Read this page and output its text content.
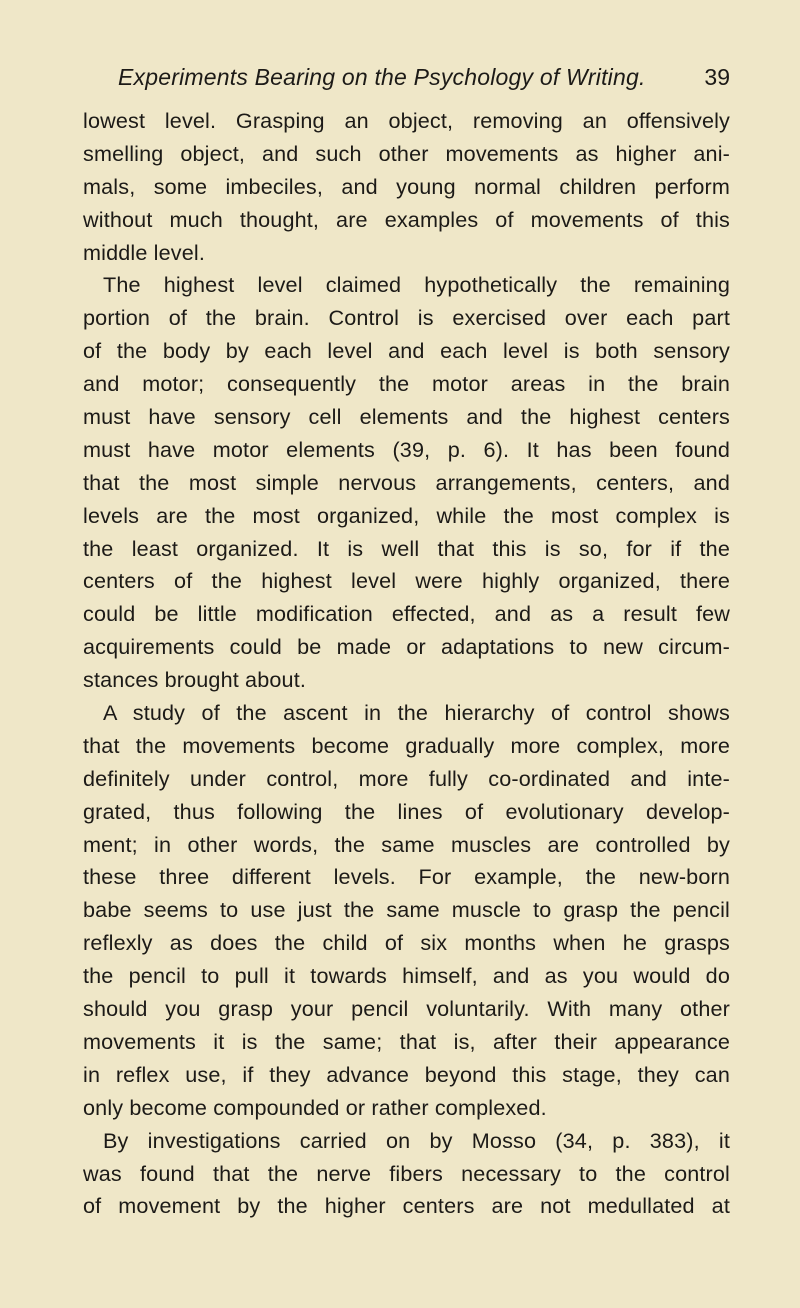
Experiments Bearing on the Psychology of Writing.	39
lowest level. Grasping an object, removing an offensively
smelling object, and such other movements as higher ani-
mals, some imbeciles, and young normal children perform
without much thought, are examples of movements of this
middle level.
The highest level claimed hypothetically the remaining
portion of the brain. Control is exercised over each part
of the body by each level and each level is both sensory
and motor; consequently the motor areas in the brain
must have sensory cell elements and the highest centers
must have motor elements (39, p. 6). It has been found
that the most simple nervous arrangements, centers, and
levels are the most organized, while the most complex is
the least organized. It is well that this is so, for if the
centers of the highest level were highly organized, there
could be little modification effected, and as a result few
acquirements could be made or adaptations to new circum-
stances brought about.
A study of the ascent in the hierarchy of control shows
that the movements become gradually more complex, more
definitely under control, more fully co-ordinated and inte-
grated, thus following the lines of evolutionary develop-
ment; in other words, the same muscles are controlled by
these three different levels. For example, the new-born
babe seems to use just the same muscle to grasp the pencil
reflexly as does the child of six months when he grasps
the pencil to pull it towards himself, and as you would do
should you grasp your pencil voluntarily. With many other
movements it is the same; that is, after their appearance
in reflex use, if they advance beyond this stage, they can
only become compounded or rather complexed.
By investigations carried on by Mosso (34, p. 383), it
was found that the nerve fibers necessary to the control
of movement by the higher centers are not medullated at
